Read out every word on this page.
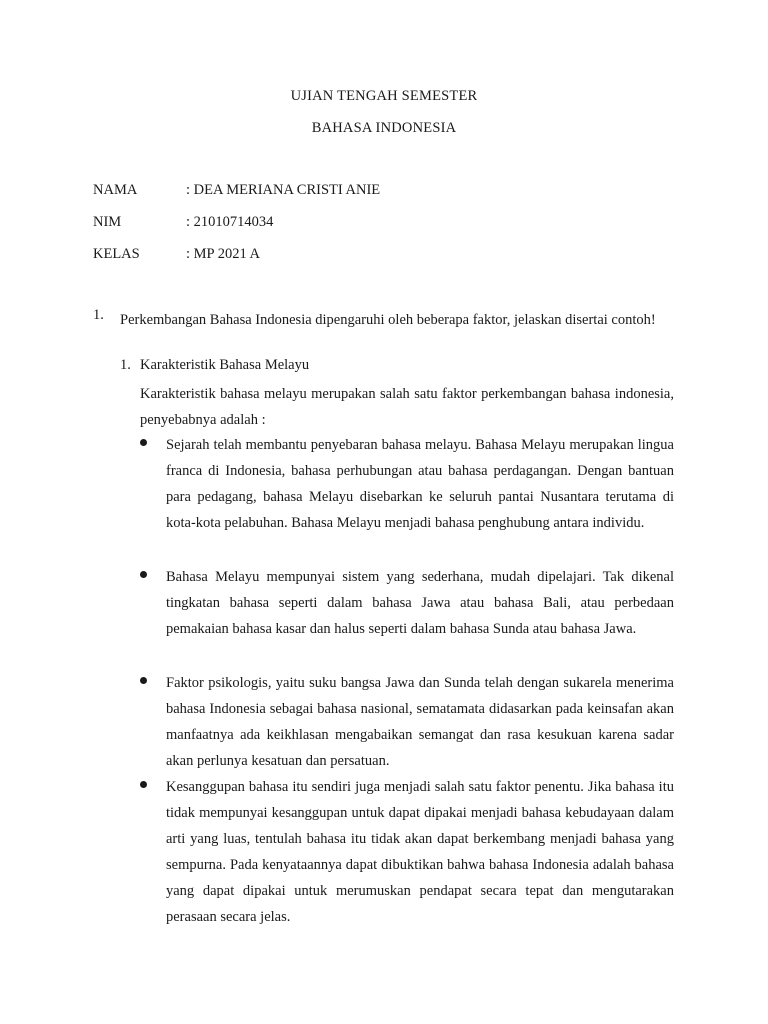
UJIAN TENGAH SEMESTER
BAHASA INDONESIA
NAMA	: DEA MERIANA CRISTI ANIE
NIM	: 21010714034
KELAS	: MP 2021 A
1. Perkembangan Bahasa Indonesia dipengaruhi oleh beberapa faktor, jelaskan disertai contoh!
1. Karakteristik Bahasa Melayu
Karakteristik bahasa melayu merupakan salah satu faktor perkembangan bahasa indonesia, penyebabnya adalah :
Sejarah telah membantu penyebaran bahasa melayu. Bahasa Melayu merupakan lingua franca di Indonesia, bahasa perhubungan atau bahasa perdagangan. Dengan bantuan para pedagang, bahasa Melayu disebarkan ke seluruh pantai Nusantara terutama di kota-kota pelabuhan. Bahasa Melayu menjadi bahasa penghubung antara individu.
Bahasa Melayu mempunyai sistem yang sederhana, mudah dipelajari. Tak dikenal tingkatan bahasa seperti dalam bahasa Jawa atau bahasa Bali, atau perbedaan pemakaian bahasa kasar dan halus seperti dalam bahasa Sunda atau bahasa Jawa.
Faktor psikologis, yaitu suku bangsa Jawa dan Sunda telah dengan sukarela menerima bahasa Indonesia sebagai bahasa nasional, sematamata didasarkan pada keinsafan akan manfaatnya ada keikhlasan mengabaikan semangat dan rasa kesukuan karena sadar akan perlunya kesatuan dan persatuan.
Kesanggupan bahasa itu sendiri juga menjadi salah satu faktor penentu. Jika bahasa itu tidak mempunyai kesanggupan untuk dapat dipakai menjadi bahasa kebudayaan dalam arti yang luas, tentulah bahasa itu tidak akan dapat berkembang menjadi bahasa yang sempurna. Pada kenyataannya dapat dibuktikan bahwa bahasa Indonesia adalah bahasa yang dapat dipakai untuk merumuskan pendapat secara tepat dan mengutarakan perasaan secara jelas.
